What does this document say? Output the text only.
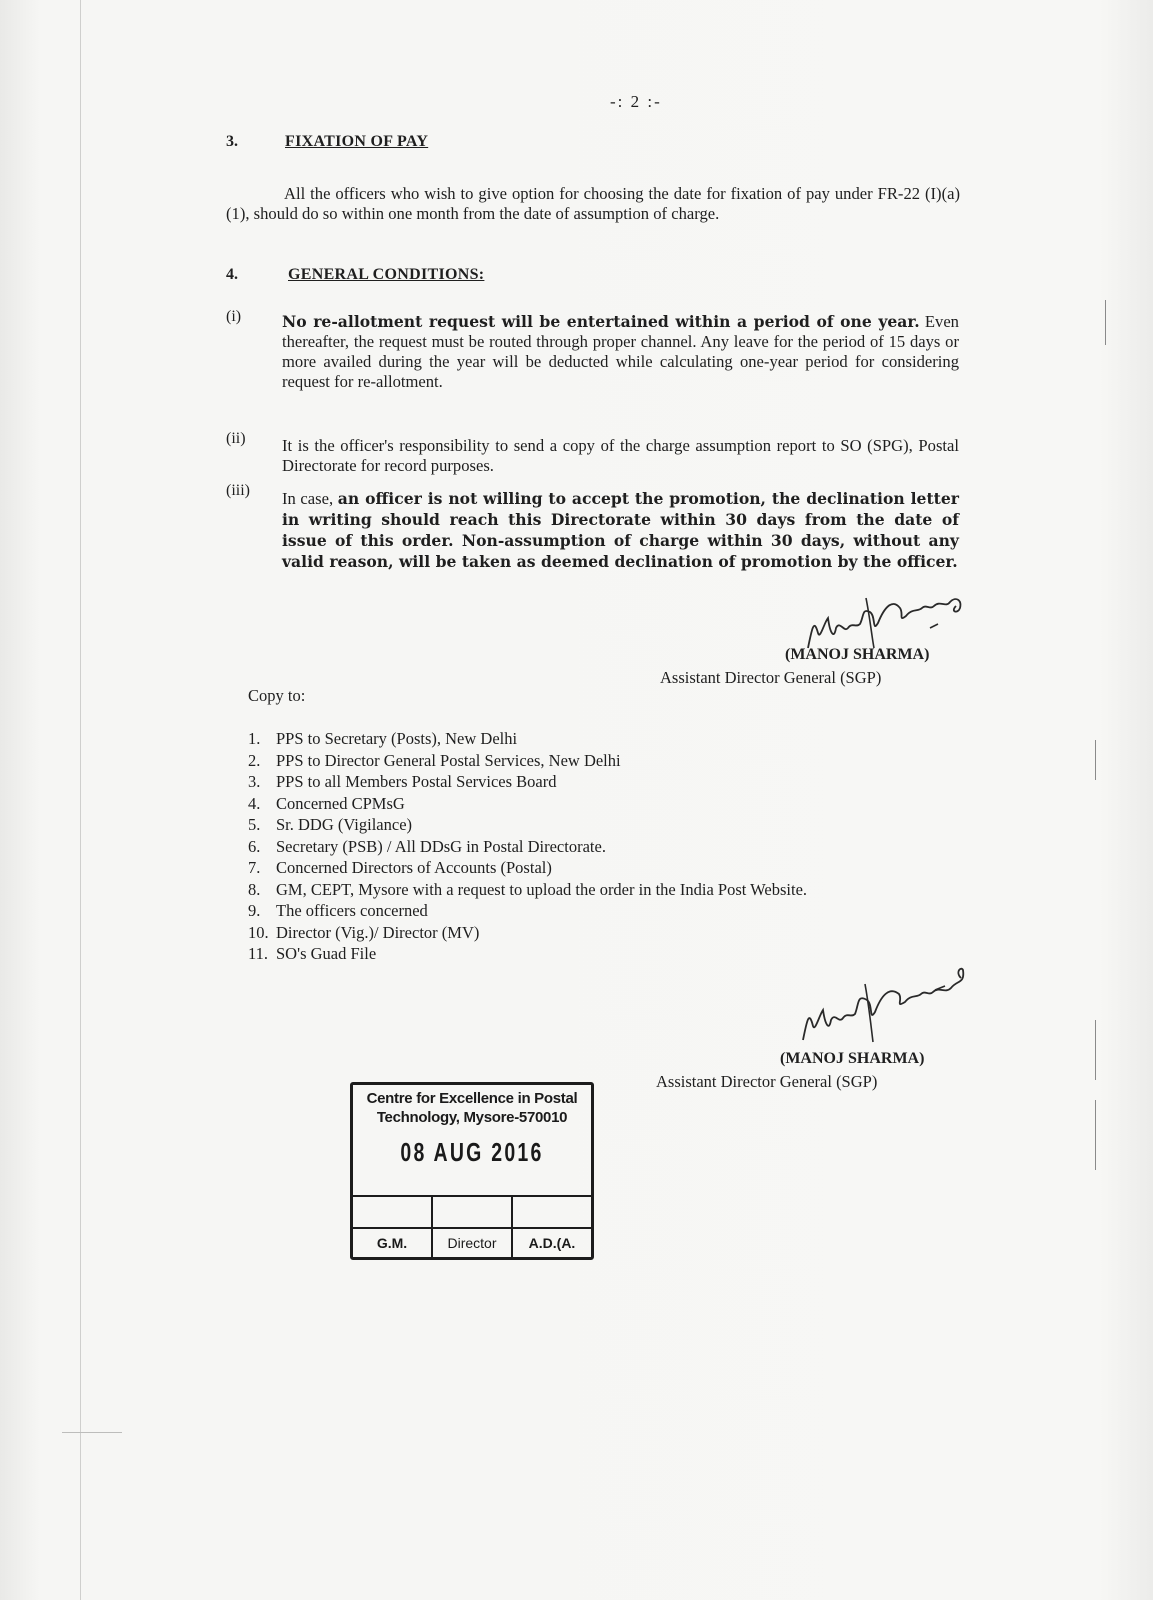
-: 2 :-
3.	FIXATION OF PAY
All the officers who wish to give option for choosing the date for fixation of pay under FR-22 (I)(a)(1), should do so within one month from the date of assumption of charge.
4.	GENERAL CONDITIONS:
(i)	No re-allotment request will be entertained within a period of one year. Even thereafter, the request must be routed through proper channel. Any leave for the period of 15 days or more availed during the year will be deducted while calculating one-year period for considering request for re-allotment.
(ii) It is the officer's responsibility to send a copy of the charge assumption report to SO (SPG), Postal Directorate for record purposes.
(iii) In case, an officer is not willing to accept the promotion, the declination letter in writing should reach this Directorate within 30 days from the date of issue of this order. Non-assumption of charge within 30 days, without any valid reason, will be taken as deemed declination of promotion by the officer.
(MANOJ SHARMA)
Assistant Director General (SGP)
Copy to:
1. PPS to Secretary (Posts), New Delhi
2. PPS to Director General Postal Services, New Delhi
3. PPS to all Members Postal Services Board
4. Concerned CPMsG
5. Sr. DDG (Vigilance)
6. Secretary (PSB) / All DDsG in Postal Directorate.
7. Concerned Directors of Accounts (Postal)
8. GM, CEPT, Mysore with a request to upload the order in the India Post Website.
9. The officers concerned
10. Director (Vig.)/ Director (MV)
11. SO's Guad File
(MANOJ SHARMA)
Assistant Director General (SGP)
Centre for Excellence in Postal
Technology, Mysore-570010
08 AUG 2016
G.M.	Director	A.D.(A.
